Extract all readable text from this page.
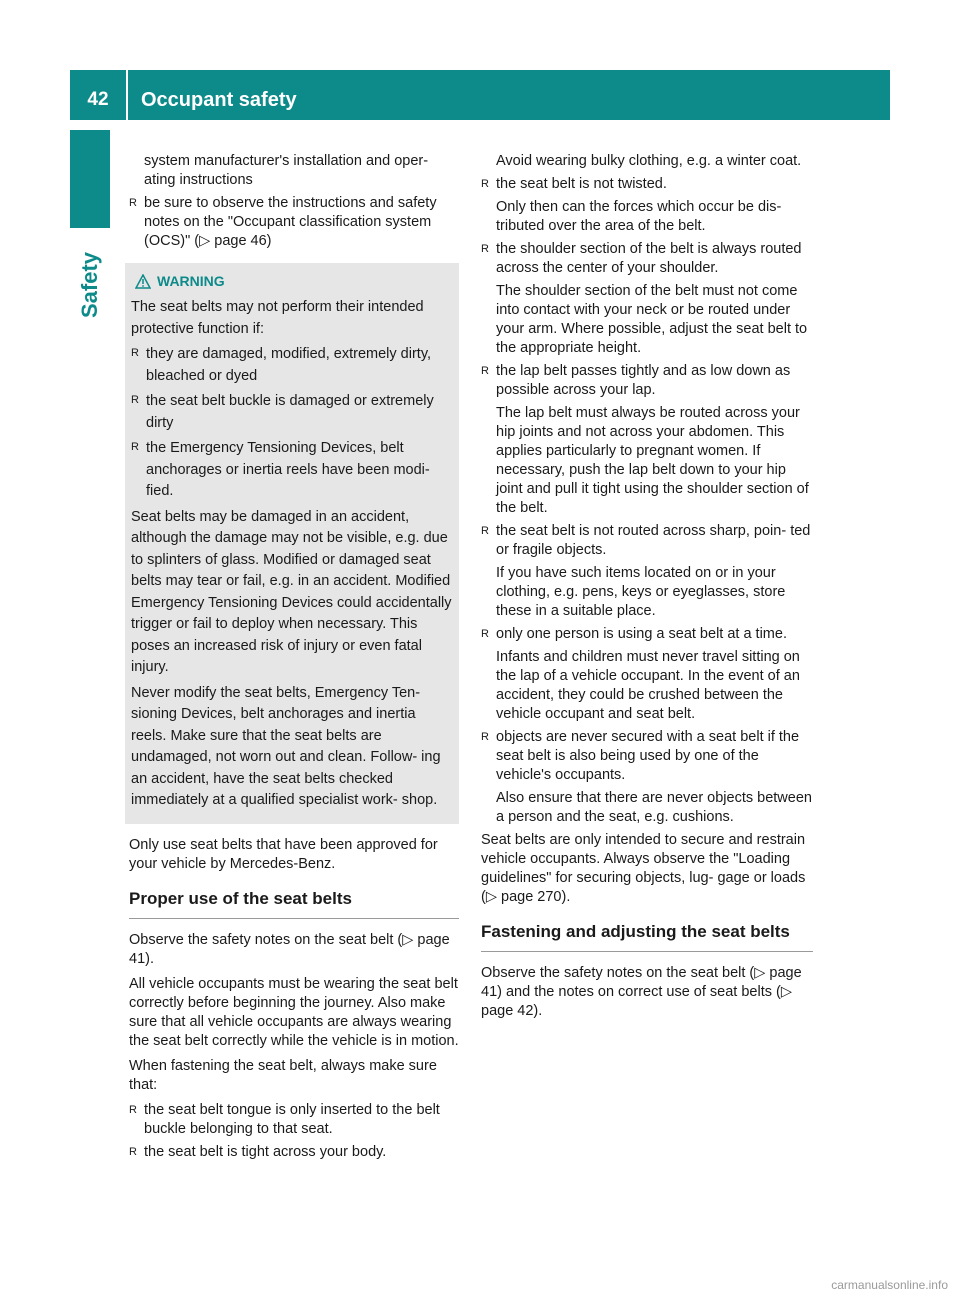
42	Occupant safety
Safety

system manufacturer's installation and oper- ating instructions

R be sure to observe the instructions and safety notes on the "Occupant classification system (OCS)" (▷ page 46)
WARNING

The seat belts may not perform their intended protective function if:

R they are damaged, modified, extremely dirty, bleached or dyed
R the seat belt buckle is damaged or extremely dirty
R the Emergency Tensioning Devices, belt anchorages or inertia reels have been modi- fied.

Seat belts may be damaged in an accident, although the damage may not be visible, e.g. due to splinters of glass. Modified or damaged seat belts may tear or fail, e.g. in an accident. Modified Emergency Tensioning Devices could accidentally trigger or fail to deploy when necessary. This poses an increased risk of injury or even fatal injury.

Never modify the seat belts, Emergency Ten- sioning Devices, belt anchorages and inertia reels. Make sure that the seat belts are undamaged, not worn out and clean. Follow- ing an accident, have the seat belts checked immediately at a qualified specialist work- shop.

Only use seat belts that have been approved for your vehicle by Mercedes-Benz.

Proper use of the seat belts

Observe the safety notes on the seat belt (▷ page 41).

All vehicle occupants must be wearing the seat belt correctly before beginning the journey. Also make sure that all vehicle occupants are always wearing the seat belt correctly while the vehicle is in motion.

When fastening the seat belt, always make sure that:

R the seat belt tongue is only inserted to the belt buckle belonging to that seat.
R the seat belt is tight across your body.

Avoid wearing bulky clothing, e.g. a winter coat.

R the seat belt is not twisted.

Only then can the forces which occur be dis- tributed over the area of the belt.

R the shoulder section of the belt is always routed across the center of your shoulder.

The shoulder section of the belt must not come into contact with your neck or be routed under your arm. Where possible, adjust the seat belt to the appropriate height.

R the lap belt passes tightly and as low down as possible across your lap.

The lap belt must always be routed across your hip joints and not across your abdomen. This applies particularly to pregnant women. If necessary, push the lap belt down to your hip joint and pull it tight using the shoulder section of the belt.

R the seat belt is not routed across sharp, poin- ted or fragile objects.

If you have such items located on or in your clothing, e.g. pens, keys or eyeglasses, store these in a suitable place.

R only one person is using a seat belt at a time.

Infants and children must never travel sitting on the lap of a vehicle occupant. In the event of an accident, they could be crushed between the vehicle occupant and seat belt.

R objects are never secured with a seat belt if the seat belt is also being used by one of the vehicle's occupants.

Also ensure that there are never objects between a person and the seat, e.g. cushions.

Seat belts are only intended to secure and restrain vehicle occupants. Always observe the "Loading guidelines" for securing objects, lug- gage or loads (▷ page 270).

Fastening and adjusting the seat belts

Observe the safety notes on the seat belt (▷ page 41) and the notes on correct use of seat belts (▷ page 42).

carmanualsonline.info
